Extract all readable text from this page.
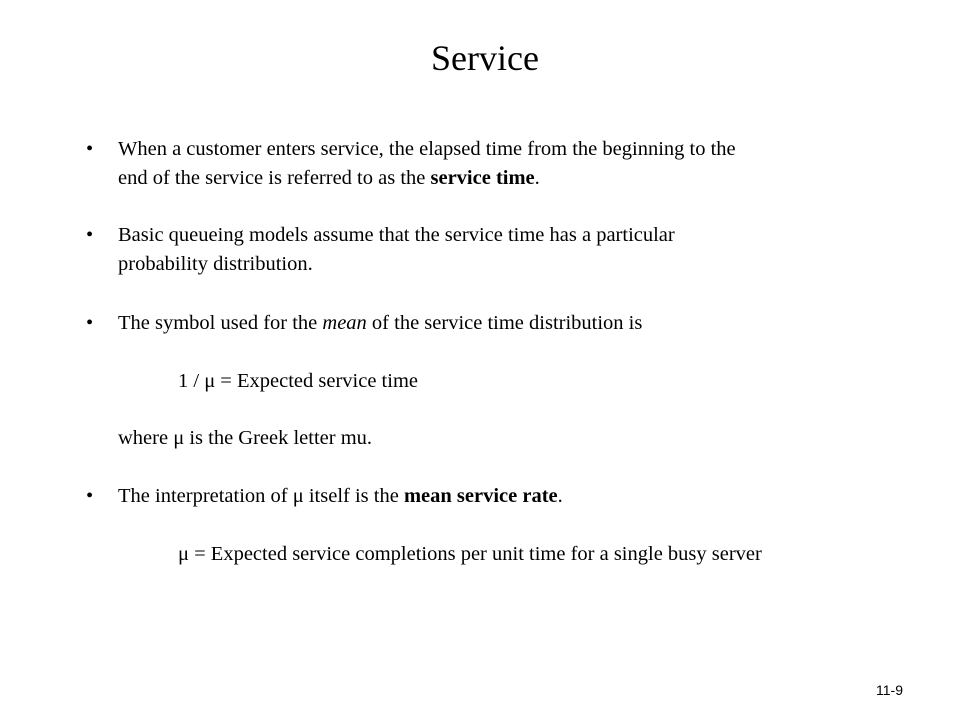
Service
• When a customer enters service, the elapsed time from the beginning to the
end of the service is referred to as the service time.
• Basic queueing models assume that the service time has a particular
probability distribution.
• The symbol used for the mean of the service time distribution is
1 / μ = Expected service time
where μ is the Greek letter mu.
• The interpretation of μ itself is the mean service rate.
μ = Expected service completions per unit time for a single busy server
11-9
